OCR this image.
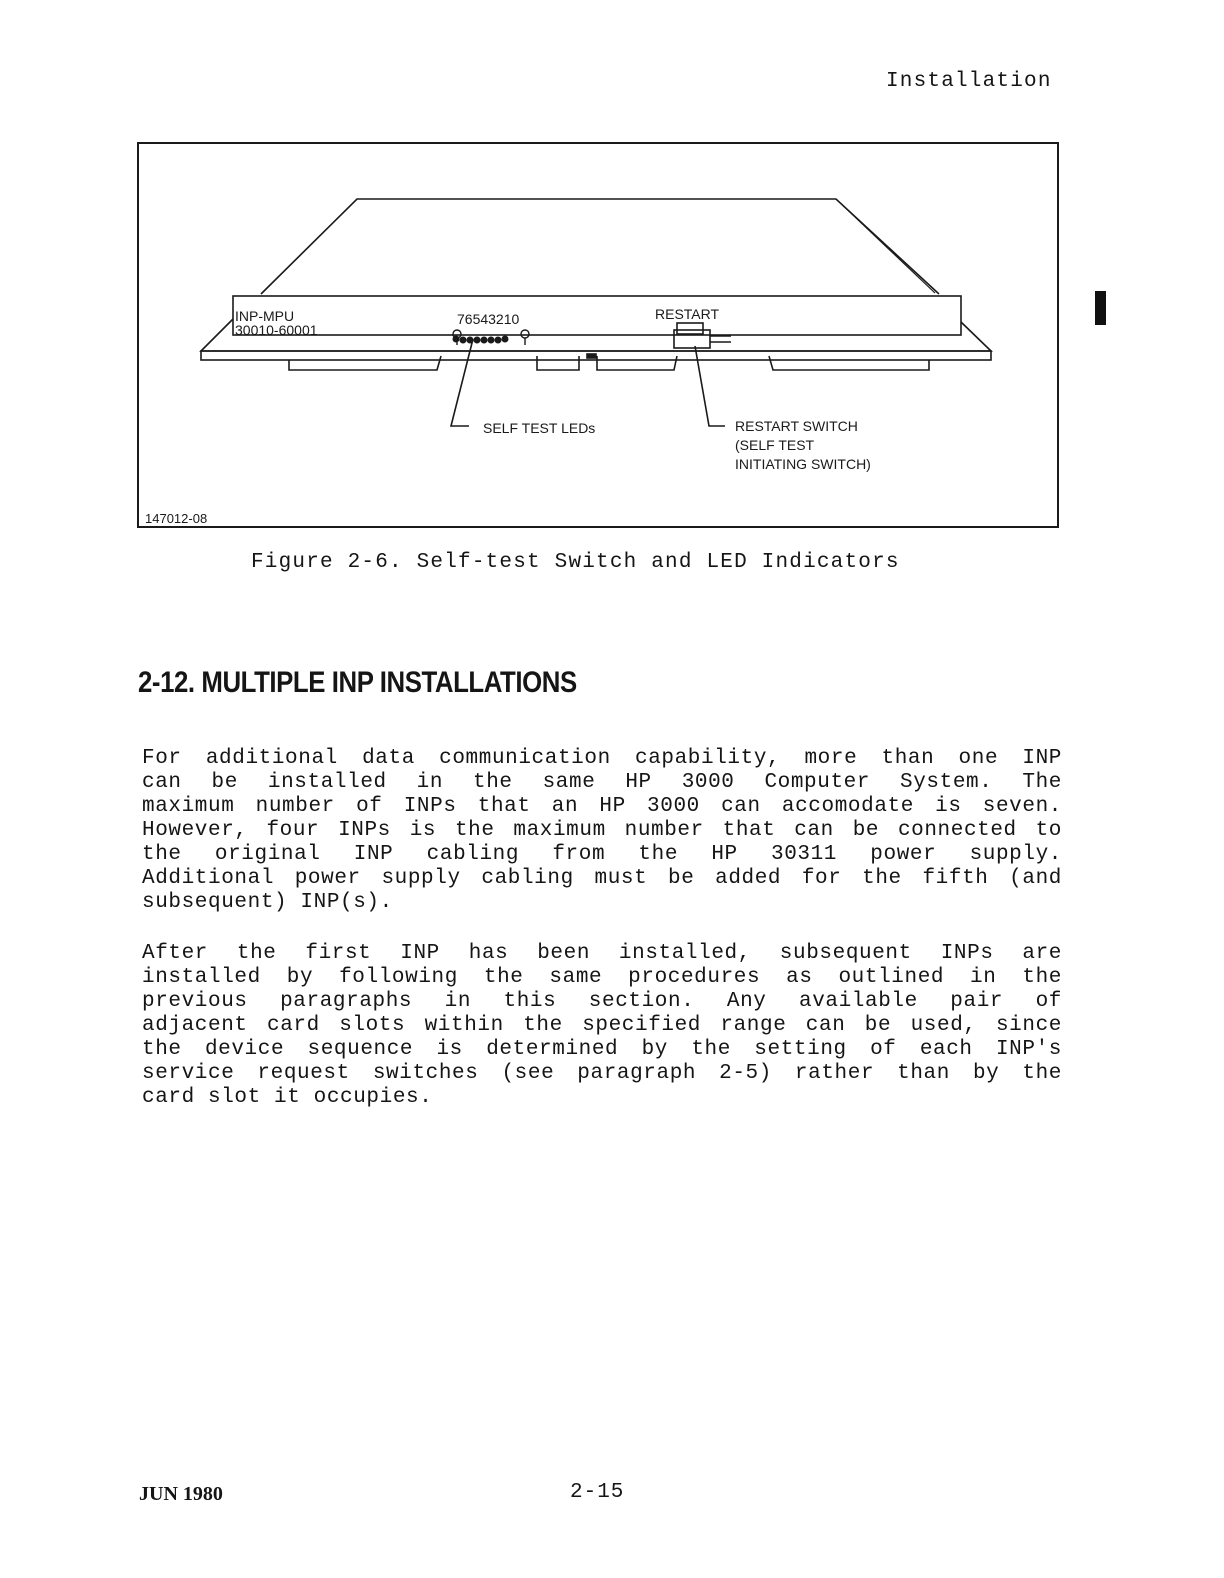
Installation
INP-MPU
30010-60001
76543210	RESTART
SELF TEST LEDs	RESTART SWITCH
(SELF TEST
INITIATING SWITCH)
147012-08
Figure 2-6. Self-test Switch and LED Indicators
2-12. MULTIPLE INP INSTALLATIONS
For additional data communication capability, more than one INP
can be installed in the same HP 3000 Computer System. The
maximum number of INPs that an HP 3000 can accomodate is seven.
However, four INPs is the maximum number that can be connected to
the original INP cabling from the HP 30311 power supply.
Additional power supply cabling must be added for the fifth (and
subsequent) INP(s).
After the first INP has been installed, subsequent INPs are
installed by following the same procedures as outlined in the
previous paragraphs in this section. Any available pair of
adjacent card slots within the specified range can be used, since
the device sequence is determined by the setting of each INP's
service request switches (see paragraph 2-5) rather than by the
card slot it occupies.
JUN 1980	2-15
